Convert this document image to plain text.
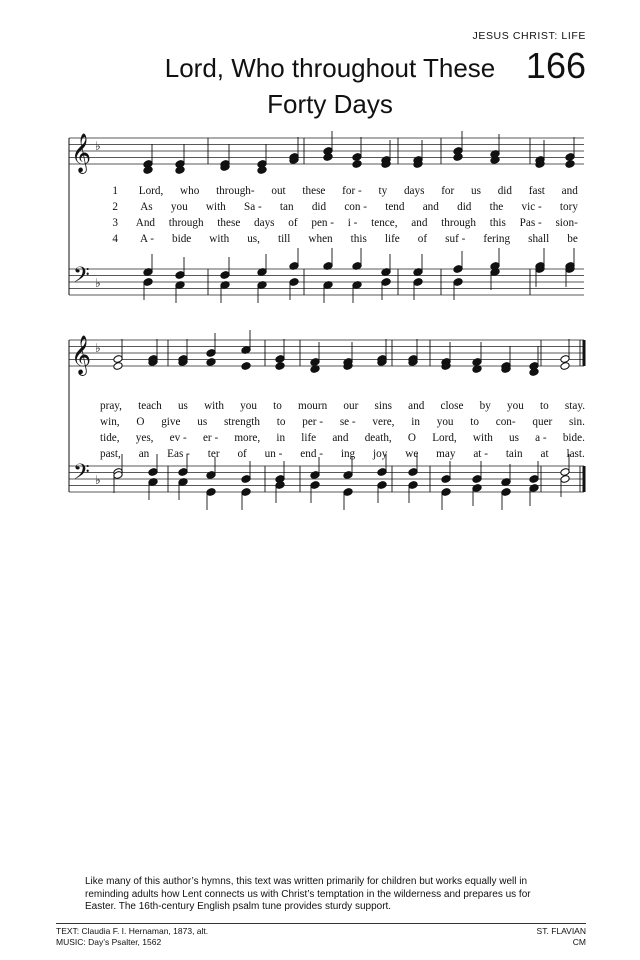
JESUS CHRIST: LIFE
Lord, Who throughout These
Forty Days
166
𝄞
𝄢
♭
♭
𝄞
𝄢
♭
♭
1 Lord, who through- out these for - ty days for us did fast and
2 As you with Sa - tan did con - tend and did the vic - tory
3 And through these days of pen - i - tence, and through this Pas - sion-
4 A - bide with us, till when this life of suf - fering shall be
pray, teach us with you to mourn our sins and close by you to stay.
win, O give us strength to per - se - vere, in you to con- quer sin.
tide, yes, ev - er - more, in life and death, O Lord, with us a - bide.
past, an Eas - ter of un - end - ing joy we may at - tain at last.
Like many of this author’s hymns, this text was written primarily for children but works equally well in reminding adults how Lent connects us with Christ’s temptation in the wilderness and prepares us for Easter. The 16th-century English psalm tune provides sturdy support.
TEXT: Claudia F. I. Hernaman, 1873, alt.
MUSIC: Day’s Psalter, 1562
ST. FLAVIAN
CM
